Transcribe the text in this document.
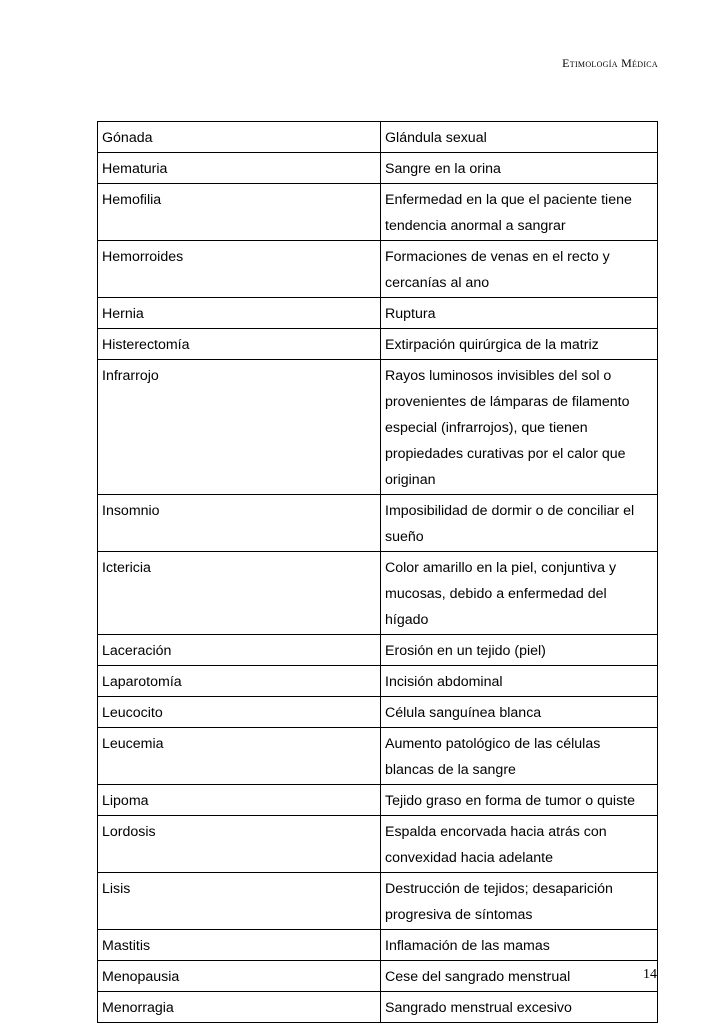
Etimología Médica
Gónada	Glándula sexual
Hematuria	Sangre en la orina
Hemofilia	Enfermedad en la que el paciente tiene tendencia anormal a sangrar
Hemorroides	Formaciones de venas en el recto y cercanías al ano
Hernia	Ruptura
Histerectomía	Extirpación quirúrgica de la matriz
Infrarrojo	Rayos luminosos invisibles del sol o provenientes de lámparas de filamento especial (infrarrojos), que tienen propiedades curativas por el calor que originan
Insomnio	Imposibilidad de dormir o de conciliar el sueño
Ictericia	Color amarillo en la piel, conjuntiva y mucosas, debido a enfermedad del hígado
Laceración	Erosión en un tejido (piel)
Laparotomía	Incisión abdominal
Leucocito	Célula sanguínea blanca
Leucemia	Aumento patológico de las células blancas de la sangre
Lipoma	Tejido graso en forma de tumor o quiste
Lordosis	Espalda encorvada hacia atrás con convexidad hacia adelante
Lisis	Destrucción de tejidos; desaparición progresiva de síntomas
Mastitis	Inflamación de las mamas
Menopausia	Cese del sangrado menstrual
Menorragia	Sangrado menstrual excesivo
14
